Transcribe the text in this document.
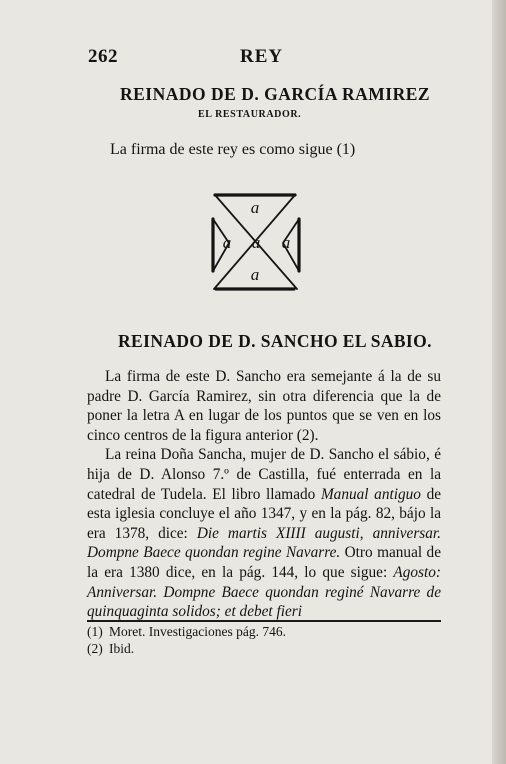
262	REY
REINADO DE D. GARCÍA RAMIREZ
EL RESTAURADOR.
La firma de este rey es como sigue (1)
a
a a a
a
REINADO DE D. SANCHO EL SABIO.

La firma de este D. Sancho era semejante á la de su padre D. García Ramirez, sin otra diferencia que la de poner la letra A en lugar de los puntos que se ven en los cinco centros de la figura anterior (2).

La reina Doña Sancha, mujer de D. Sancho el sábio, é hija de D. Alonso 7.º de Castilla, fué enterrada en la catedral de Tudela. El libro llamado Manual antiguo de esta iglesia concluye el año 1347, y en la pág. 82, bájo la era 1378, dice: Die martis XIIII augusti, anniversar. Dompne Baece quondan regine Navarre. Otro manual de la era 1380 dice, en la pág. 144, lo que sigue: Agosto: Anniversar. Dompne Baece quondan reginé Navarre de quinquaginta solidos; et debet fieri

(1) Moret. Investigaciones pág. 746.
(2) Ibid.
